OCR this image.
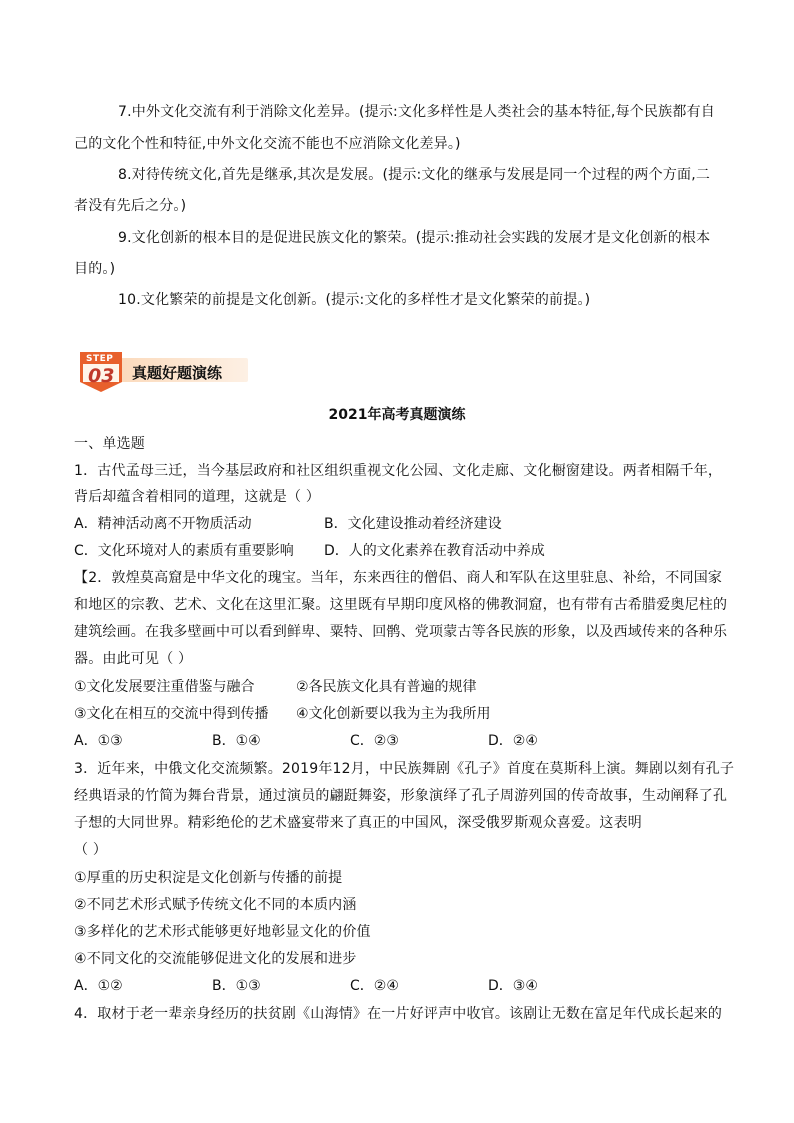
7.中外文化交流有利于消除文化差异。(提示:文化多样性是人类社会的基本特征,每个民族都有自
己的文化个性和特征,中外文化交流不能也不应消除文化差异。)
8.对待传统文化,首先是继承,其次是发展。(提示:文化的继承与发展是同一个过程的两个方面,二
者没有先后之分。)
9.文化创新的根本目的是促进民族文化的繁荣。(提示:推动社会实践的发展才是文化创新的根本
目的。)
10.文化繁荣的前提是文化创新。(提示:文化的多样性才是文化繁荣的前提。)
STEP
03 真题好题演练
2021年高考真题演练
一、单选题
1．古代孟母三迁，当今基层政府和社区组织重视文化公园、文化走廊、文化橱窗建设。两者相隔千年，
背后却蕴含着相同的道理，这就是（ ）
A．精神活动离不开物质活动	B．文化建设推动着经济建设
C．文化环境对人的素质有重要影响 D．人的文化素养在教育活动中养成
【2．敦煌莫高窟是中华文化的瑰宝。当年，东来西往的僧侣、商人和军队在这里驻息、补给，不同国家
和地区的宗教、艺术、文化在这里汇聚。这里既有早期印度风格的佛教洞窟，也有带有古希腊爱奥尼柱的
建筑绘画。在我多壁画中可以看到鲜卑、粟特、回鹘、党项蒙古等各民族的形象，以及西域传来的各种乐
器。由此可见（ ）
①文化发展要注重借鉴与融合	②各民族文化具有普遍的规律
③文化在相互的交流中得到传播 ④文化创新要以我为主为我所用
A．①③	B．①④	C．②③	D．②④
3．近年来，中俄文化交流频繁。2019年12月，中民族舞剧《孔子》首度在莫斯科上演。舞剧以刻有孔子
经典语录的竹简为舞台背景，通过演员的翩跹舞姿，形象演绎了孔子周游列国的传奇故事，生动阐释了孔
子想的大同世界。精彩绝伦的艺术盛宴带来了真正的中国风，深受俄罗斯观众喜爱。这表明
（ ）
①厚重的历史积淀是文化创新与传播的前提
②不同艺术形式赋予传统文化不同的本质内涵
③多样化的艺术形式能够更好地彰显文化的价值
④不同文化的交流能够促进文化的发展和进步
A．①②	B．①③	C．②④	D．③④
4．取材于老一辈亲身经历的扶贫剧《山海情》在一片好评声中收官。该剧让无数在富足年代成长起来的
